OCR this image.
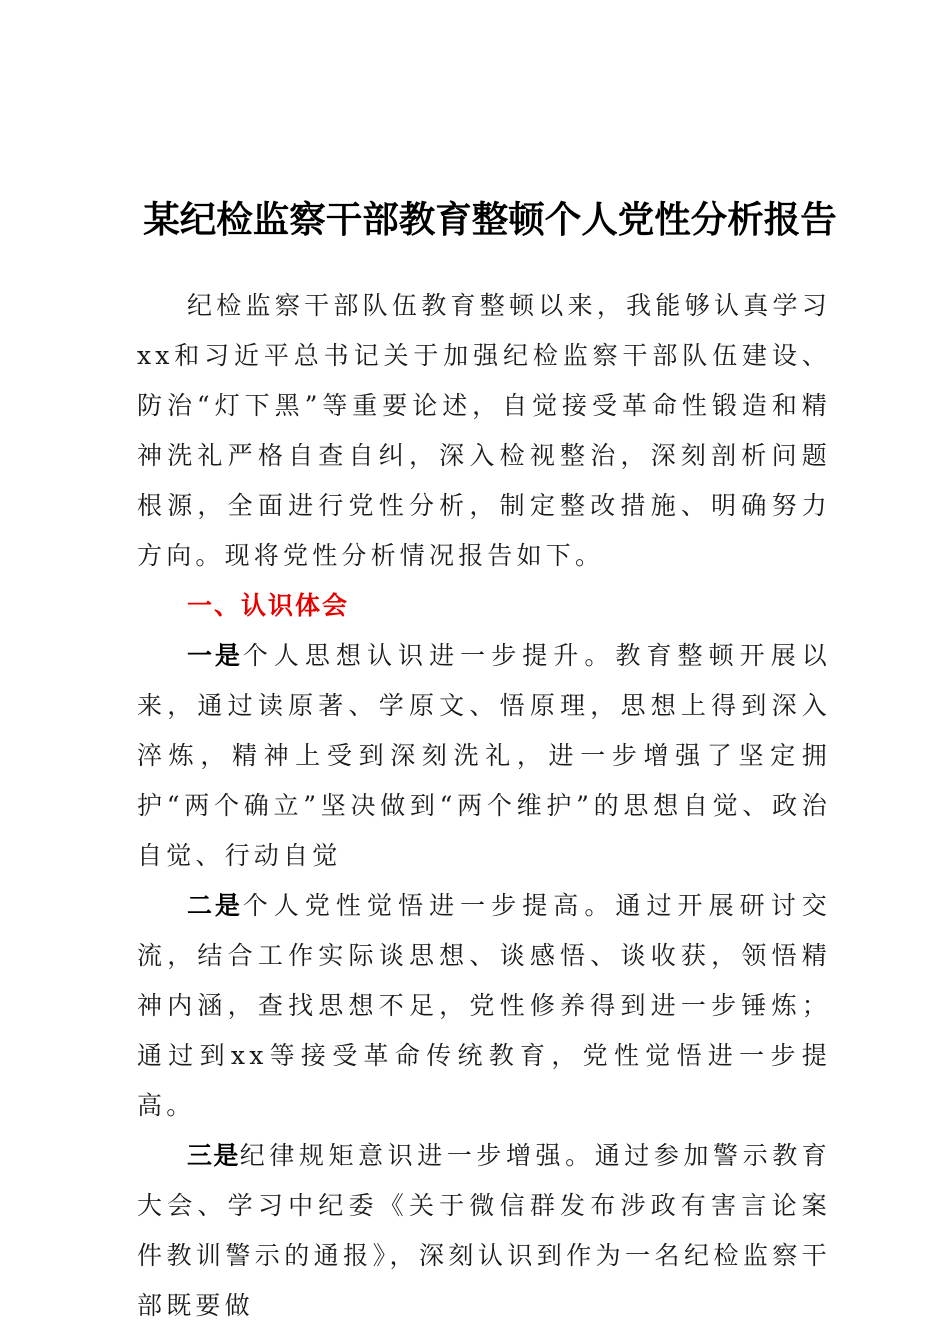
某纪检监察干部教育整顿个人党性分析报告

纪检监察干部队伍教育整顿以来，我能够认真学习xx和习近平总书记关于加强纪检监察干部队伍建设、防治“灯下黑”等重要论述，自觉接受革命性锻造和精神洗礼严格自查自纠，深入检视整治，深刻剖析问题根源，全面进行党性分析，制定整改措施、明确努力方向。现将党性分析情况报告如下。

一、认识体会

一是个人思想认识进一步提升。教育整顿开展以来，通过读原著、学原文、悟原理，思想上得到深入淬炼，精神上受到深刻洗礼，进一步增强了坚定拥护“两个确立”坚决做到“两个维护”的思想自觉、政治自觉、行动自觉

二是个人党性觉悟进一步提高。通过开展研讨交流，结合工作实际谈思想、谈感悟、谈收获，领悟精神内涵，查找思想不足，党性修养得到进一步锤炼；通过到xx等接受革命传统教育，党性觉悟进一步提高。

三是纪律规矩意识进一步增强。通过参加警示教育大会、学习中纪委《关于微信群发布涉政有害言论案件教训警示的通报》，深刻认识到作为一名纪检监察干部既要做
